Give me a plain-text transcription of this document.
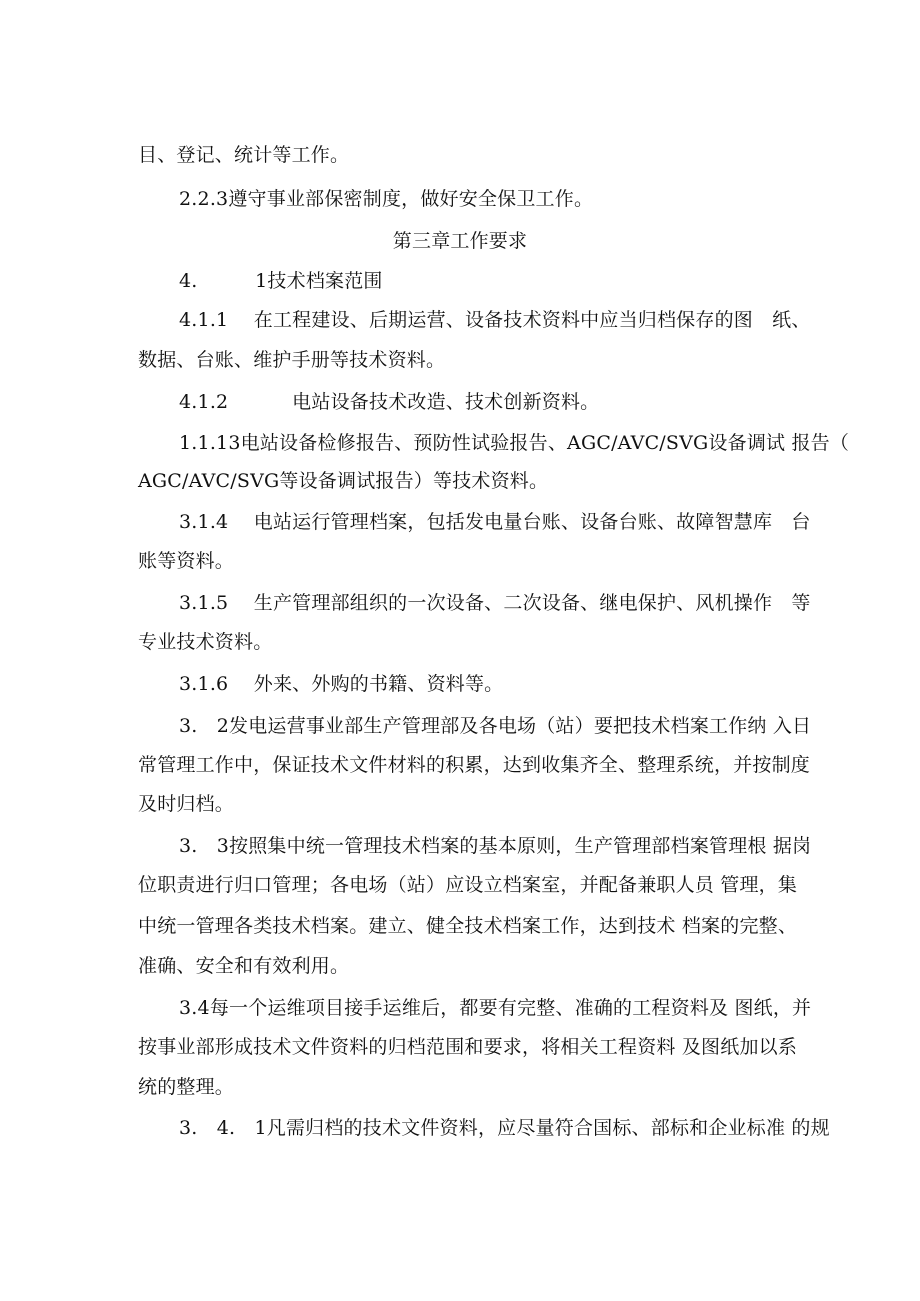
目、登记、统计等工作。
2.2.3遵守事业部保密制度，做好安全保卫工作。
第三章工作要求
4.　　　1技术档案范围
4.1.1　 在工程建设、后期运营、设备技术资料中应当归档保存的图　纸、
数据、台账、维护手册等技术资料。
4.1.2　　　 电站设备技术改造、技术创新资料。
1.1.13电站设备检修报告、预防性试验报告、AGC/AVC/SVG设备调试 报告（
AGC/AVC/SVG等设备调试报告）等技术资料。
3.1.4　 电站运行管理档案，包括发电量台账、设备台账、故障智慧库　台
账等资料。
3.1.5　 生产管理部组织的一次设备、二次设备、继电保护、风机操作　等
专业技术资料。
3.1.6　 外来、外购的书籍、资料等。
3.　2发电运营事业部生产管理部及各电场（站）要把技术档案工作纳 入日
常管理工作中，保证技术文件材料的积累，达到收集齐全、整理系统，并按制度
及时归档。
3.　3按照集中统一管理技术档案的基本原则，生产管理部档案管理根 据岗
位职责进行归口管理；各电场（站）应设立档案室，并配备兼职人员 管理，集
中统一管理各类技术档案。建立、健全技术档案工作，达到技术 档案的完整、
准确、安全和有效利用。
3.4每一个运维项目接手运维后，都要有完整、准确的工程资料及 图纸，并
按事业部形成技术文件资料的归档范围和要求，将相关工程资料 及图纸加以系
统的整理。
3.　4.　1凡需归档的技术文件资料，应尽量符合国标、部标和企业标准 的规
